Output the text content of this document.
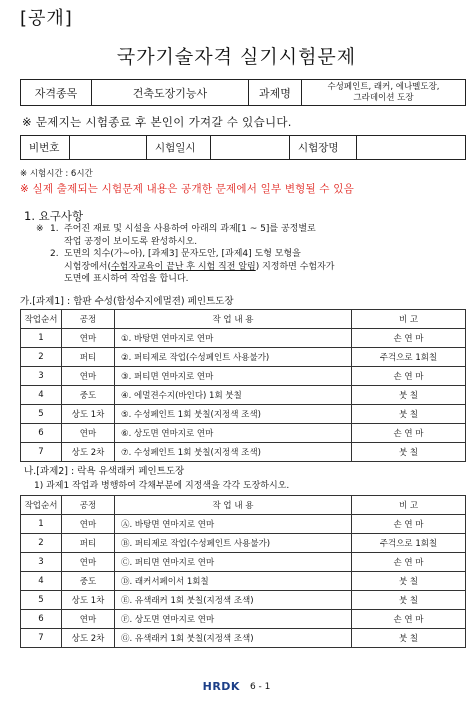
[공개]
국가기술자격 실기시험문제
자격종목	건축도장기능사	과제명	수성페인트, 래커, 에나멜도장,
그라데이션 도장
※ 문제지는 시험종료 후 본인이 가져갈 수 있습니다.
비번호		시험일시		시험장명	
※ 시험시간 : 6시간
※ 실제 출제되는 시험문제 내용은 공개한 문제에서 일부 변형될 수 있음
1. 요구사항
※ 1. 주어진 재료 및 시설을 사용하여 아래의 과제[1 ~ 5]를 공정별로
작업 공정이 보이도록 완성하시오.
2. 도면의 치수(가~아), [과제3] 문자도안, [과제4] 도형 모형을
시험장에서(수험자교육이 끝난 후 시험 직전 알림) 지정하면 수험자가
도면에 표시하여 작업을 합니다.
가.[과제1] : 합판 수성(합성수지에멀젼) 페인트도장
작업순서	공정	작 업 내 용	비 고
1	연마	①. 바탕면 연마지로 연마	손 연 마
2	퍼티	②. 퍼티제로 작업(수성페인트 사용불가)	주걱으로 1회칠
3	연마	③. 퍼티면 연마지로 연마	손 연 마
4	중도	④. 에멀젼수지(바인다) 1회 붓칠	붓 칠
5	상도 1차	⑤. 수성페인트 1회 붓칠(지정색 조색)	붓 칠
6	연마	⑥. 상도면 연마지로 연마	손 연 마
7	상도 2차	⑦. 수성페인트 1회 붓칠(지정색 조색)	붓 칠
나.[과제2] : 락욕 유색래커 페인트도장
1) 과제1 작업과 병행하여 각채부분에 지정색을 각각 도장하시오.
작업순서	공정	작 업 내 용	비 고
1	연마	Ⓐ. 바탕면 연마지로 연마	손 연 마
2	퍼티	Ⓑ. 퍼티제로 작업(수성페인트 사용불가)	주걱으로 1회칠
3	연마	Ⓒ. 퍼티면 연마지로 연마	손 연 마
4	중도	Ⓓ. 래커서페이서 1회칠	붓 칠
5	상도 1차	Ⓔ. 유색래커 1회 붓칠(지정색 조색)	붓 칠
6	연마	Ⓕ. 상도면 연마지로 연마	손 연 마
7	상도 2차	Ⓖ. 유색래커 1회 붓칠(지정색 조색)	붓 칠
HRDK 6 - 1
